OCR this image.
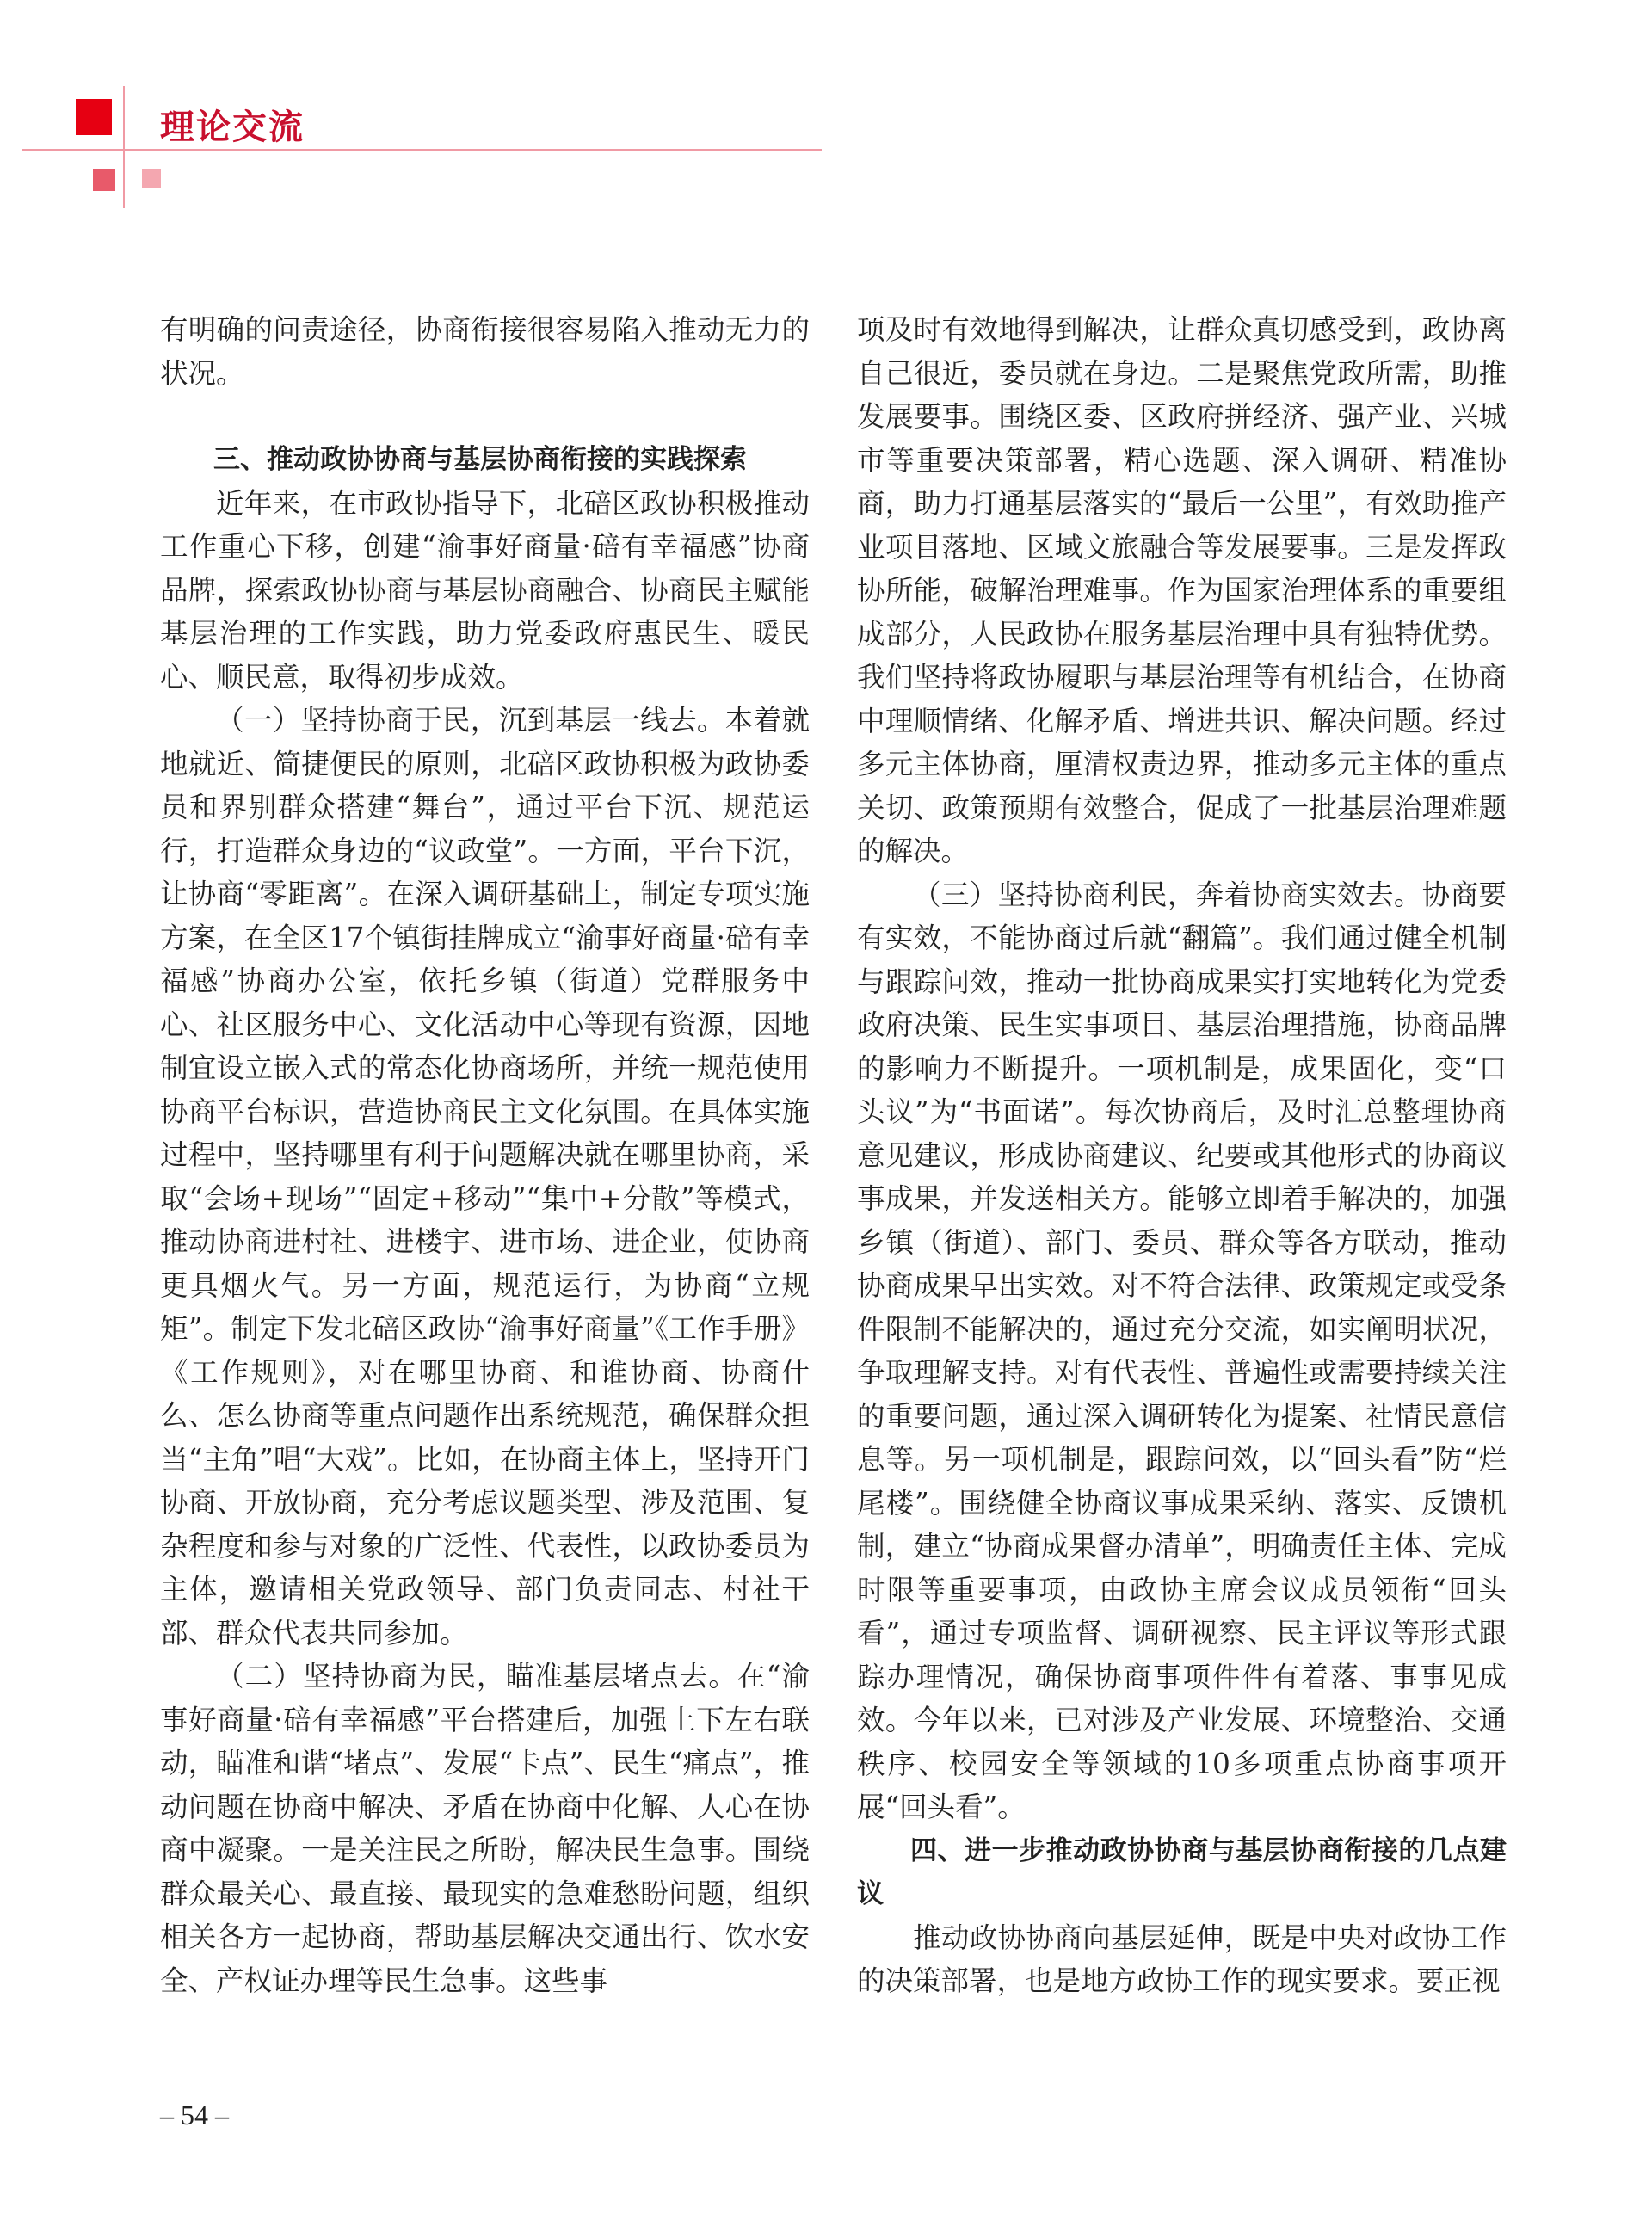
理论交流

有明确的问责途径，协商衔接很容易陷入推动无力的状况。

三、推动政协协商与基层协商衔接的实践探索

近年来，在市政协指导下，北碚区政协积极推动工作重心下移，创建“渝事好商量·碚有幸福感”协商品牌，探索政协协商与基层协商融合、协商民主赋能基层治理的工作实践，助力党委政府惠民生、暖民心、顺民意，取得初步成效。

（一）坚持协商于民，沉到基层一线去。本着就地就近、简捷便民的原则，北碚区政协积极为政协委员和界别群众搭建“舞台”，通过平台下沉、规范运行，打造群众身边的“议政堂”。一方面，平台下沉，让协商“零距离”。在深入调研基础上，制定专项实施方案，在全区17个镇街挂牌成立“渝事好商量·碚有幸福感”协商办公室，依托乡镇（街道）党群服务中心、社区服务中心、文化活动中心等现有资源，因地制宜设立嵌入式的常态化协商场所，并统一规范使用协商平台标识，营造协商民主文化氛围。在具体实施过程中，坚持哪里有利于问题解决就在哪里协商，采取“会场+现场”“固定+移动”“集中+分散”等模式，推动协商进村社、进楼宇、进市场、进企业，使协商更具烟火气。另一方面，规范运行，为协商“立规矩”。制定下发北碚区政协“渝事好商量”《工作手册》《工作规则》，对在哪里协商、和谁协商、协商什么、怎么协商等重点问题作出系统规范，确保群众担当“主角”唱“大戏”。比如，在协商主体上，坚持开门协商、开放协商，充分考虑议题类型、涉及范围、复杂程度和参与对象的广泛性、代表性，以政协委员为主体，邀请相关党政领导、部门负责同志、村社干部、群众代表共同参加。

（二）坚持协商为民，瞄准基层堵点去。在“渝事好商量·碚有幸福感”平台搭建后，加强上下左右联动，瞄准和谐“堵点”、发展“卡点”、民生“痛点”，推动问题在协商中解决、矛盾在协商中化解、人心在协商中凝聚。一是关注民之所盼，解决民生急事。围绕群众最关心、最直接、最现实的急难愁盼问题，组织相关各方一起协商，帮助基层解决交通出行、饮水安全、产权证办理等民生急事。这些事

项及时有效地得到解决，让群众真切感受到，政协离自己很近，委员就在身边。二是聚焦党政所需，助推发展要事。围绕区委、区政府拼经济、强产业、兴城市等重要决策部署，精心选题、深入调研、精准协商，助力打通基层落实的“最后一公里”，有效助推产业项目落地、区域文旅融合等发展要事。三是发挥政协所能，破解治理难事。作为国家治理体系的重要组成部分，人民政协在服务基层治理中具有独特优势。我们坚持将政协履职与基层治理等有机结合，在协商中理顺情绪、化解矛盾、增进共识、解决问题。经过多元主体协商，厘清权责边界，推动多元主体的重点关切、政策预期有效整合，促成了一批基层治理难题的解决。

（三）坚持协商利民，奔着协商实效去。协商要有实效，不能协商过后就“翻篇”。我们通过健全机制与跟踪问效，推动一批协商成果实打实地转化为党委政府决策、民生实事项目、基层治理措施，协商品牌的影响力不断提升。一项机制是，成果固化，变“口头议”为“书面诺”。每次协商后，及时汇总整理协商意见建议，形成协商建议、纪要或其他形式的协商议事成果，并发送相关方。能够立即着手解决的，加强乡镇（街道）、部门、委员、群众等各方联动，推动协商成果早出实效。对不符合法律、政策规定或受条件限制不能解决的，通过充分交流，如实阐明状况，争取理解支持。对有代表性、普遍性或需要持续关注的重要问题，通过深入调研转化为提案、社情民意信息等。另一项机制是，跟踪问效，以“回头看”防“烂尾楼”。围绕健全协商议事成果采纳、落实、反馈机制，建立“协商成果督办清单”，明确责任主体、完成时限等重要事项，由政协主席会议成员领衔“回头看”，通过专项监督、调研视察、民主评议等形式跟踪办理情况，确保协商事项件件有着落、事事见成效。今年以来，已对涉及产业发展、环境整治、交通秩序、校园安全等领域的10多项重点协商事项开展“回头看”。

四、进一步推动政协协商与基层协商衔接的几点建议

推动政协协商向基层延伸，既是中央对政协工作的决策部署，也是地方政协工作的现实要求。要正视

– 54 –
